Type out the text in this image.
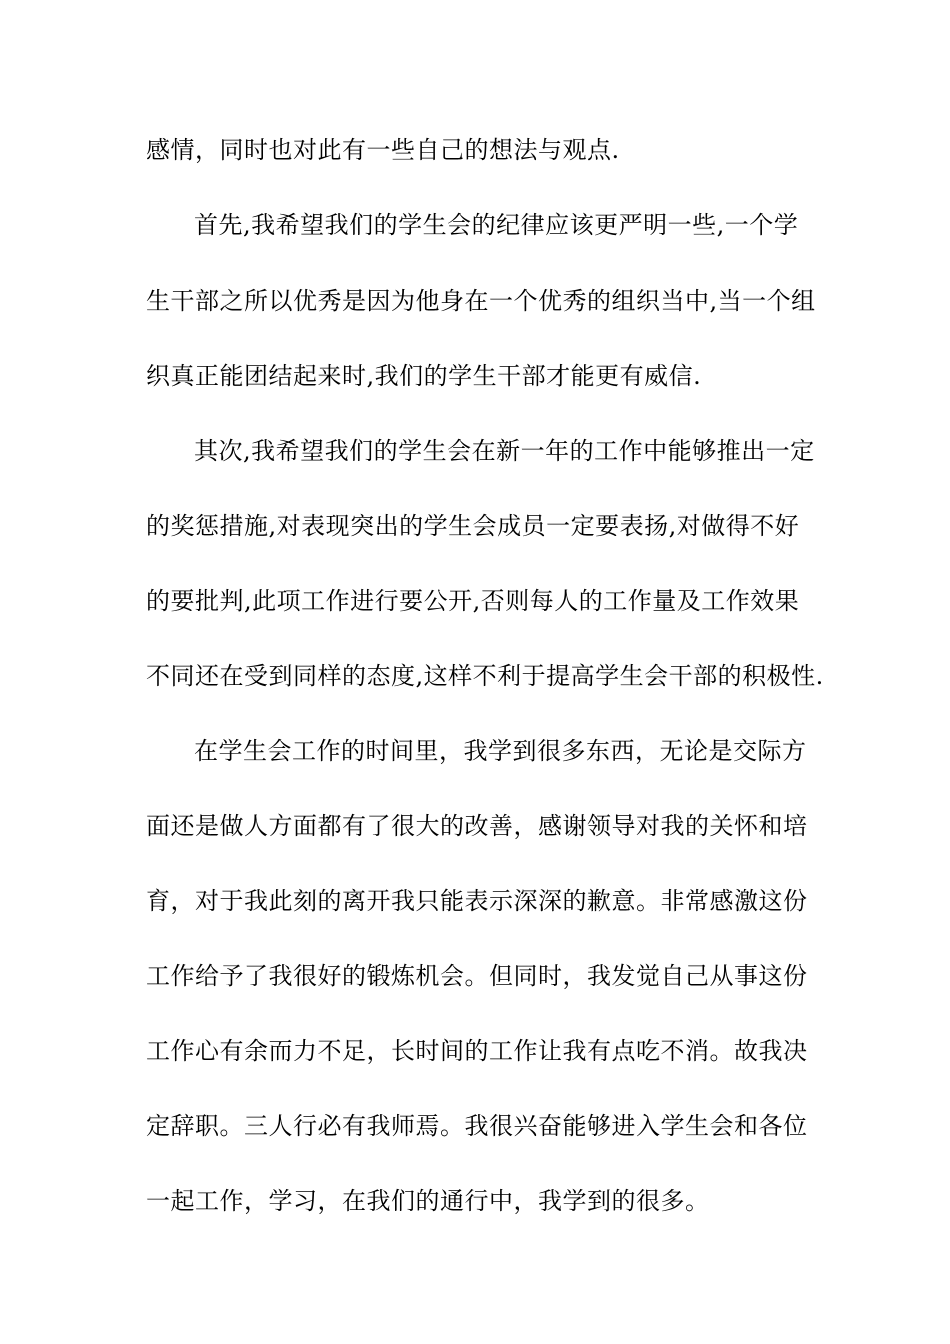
感情，同时也对此有一些自己的想法与观点.
首先,我希望我们的学生会的纪律应该更严明一些,一个学
生干部之所以优秀是因为他身在一个优秀的组织当中,当一个组
织真正能团结起来时,我们的学生干部才能更有威信.
其次,我希望我们的学生会在新一年的工作中能够推出一定
的奖惩措施,对表现突出的学生会成员一定要表扬,对做得不好
的要批判,此项工作进行要公开,否则每人的工作量及工作效果
不同还在受到同样的态度,这样不利于提高学生会干部的积极性.
在学生会工作的时间里，我学到很多东西，无论是交际方
面还是做人方面都有了很大的改善，感谢领导对我的关怀和培
育，对于我此刻的离开我只能表示深深的歉意。非常感激这份
工作给予了我很好的锻炼机会。但同时，我发觉自己从事这份
工作心有余而力不足，长时间的工作让我有点吃不消。故我决
定辞职。三人行必有我师焉。我很兴奋能够进入学生会和各位
一起工作，学习，在我们的通行中，我学到的很多。
